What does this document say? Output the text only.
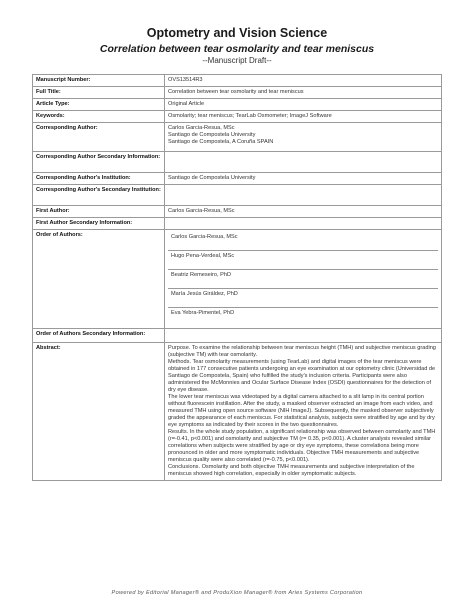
Optometry and Vision Science
Correlation between tear osmolarity and tear meniscus
--Manuscript Draft--
Manuscript Number:	OVS13514R3
Full Title:	Correlation between tear osmolarity and tear meniscus
Article Type:	Original Article
Keywords:	Osmolarity; tear meniscus; TearLab Osmometer; ImageJ Software
Corresponding Author:	Carlos Garcia-Resua, MSc

Santiago de Compostela University

Santiago de Compostela, A Coruña SPAIN

Corresponding Author Secondary Information:	
Corresponding Author's Institution:	Santiago de Compostela University
Corresponding Author's Secondary Institution:	
First Author:	Carlos Garcia-Resua, MSc
First Author Secondary Information:	
Order of Authors:	Carlos Garcia-Resua, MSc
Hugo Pena-Verdeal, MSc
Beatriz Remeseiro, PhD
María Jesús Giráldez, PhD
Eva Yebra-Pimentel, PhD

Order of Authors Secondary Information:	
Abstract:	Purpose. To examine the relationship between tear meniscus height (TMH) and subjective meniscus grading (subjective TM) with tear osmolarity.

Methods. Tear osmolarity measurements (using TearLab) and digital images of the tear meniscus were obtained in 177 consecutive patients undergoing an eye examination at our optometry clinic (Universidad de Santiago de Compostela, Spain) who fulfilled the study's inclusion criteria. Participants were also administered the McMonnies and Ocular Surface Disease Index (OSDI) questionnaires for the detection of dry eye disease.

The lower tear meniscus was videotaped by a digital camera attached to a slit lamp in its central portion without fluorescein instillation. After the study, a masked observer extracted an image from each video, and measured TMH using open source software (NIH ImageJ). Subsequently, the masked observer subjectively graded the appearance of each meniscus. For statistical analysis, subjects were stratified by age and by dry eye symptoms as indicated by their scores in the two questionnaires.

Results. In the whole study population, a significant relationship was observed between osmolarity and TMH (r=-0.41, p<0.001) and osmolarity and subjective TM (r= 0.35, p<0.001). A cluster analysis revealed similar correlations when subjects were stratified by age or dry eye symptoms, these correlations being more pronounced in older and more symptomatic individuals. Objective TMH measurements and subjective meniscus quality were also correlated (r=-0.75, p<0.001).

Conclusions. Osmolarity and both objective TMH measurements and subjective interpretation of the meniscus showed high correlation, especially in older symptomatic subjects.

Powered by Editorial Manager® and ProduXion Manager® from Aries Systems Corporation
